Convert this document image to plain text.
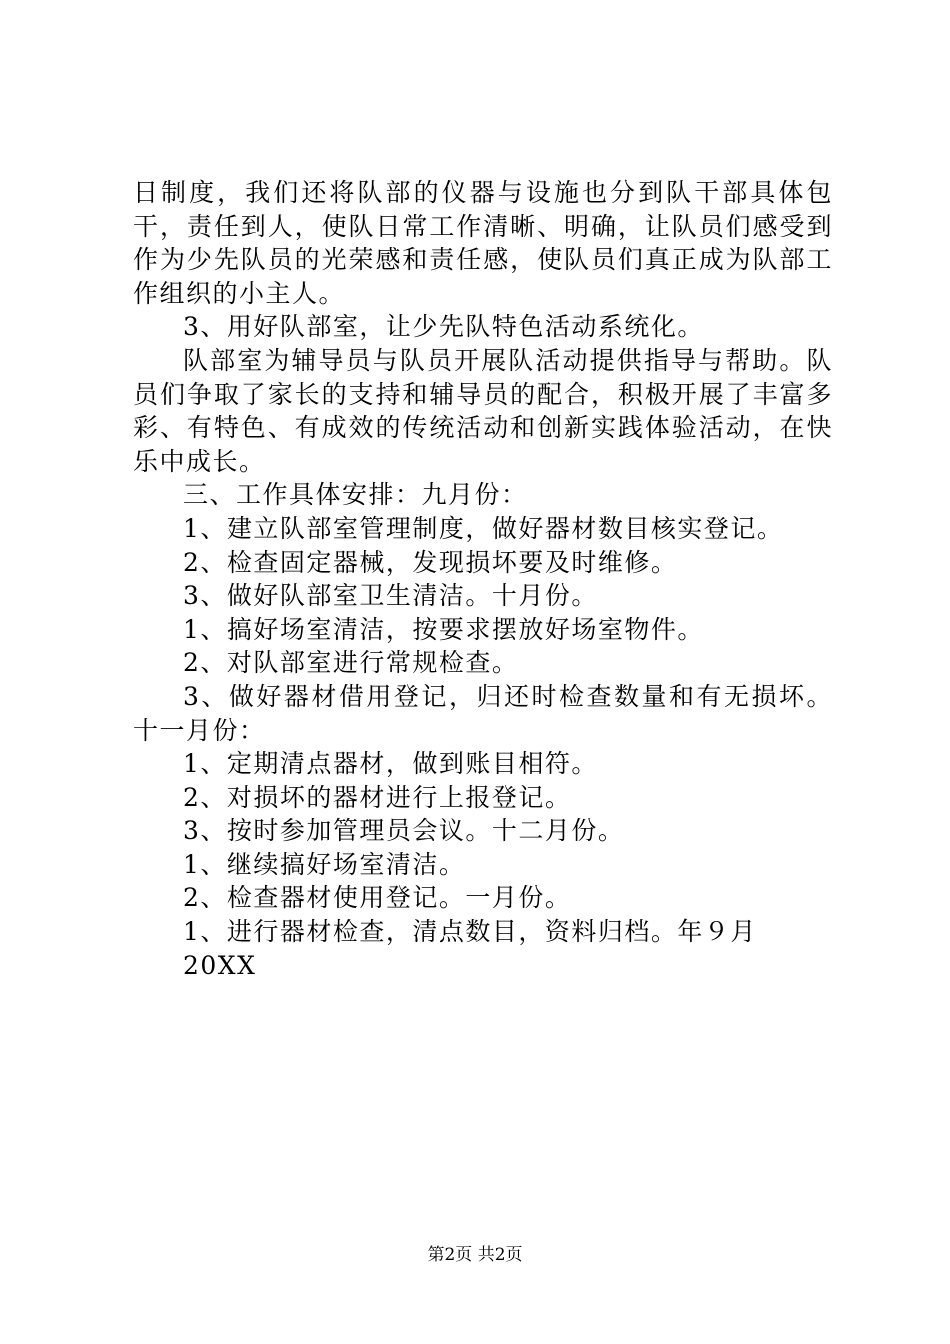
日制度，我们还将队部的仪器与设施也分到队干部具体包干，责任到人，使队日常工作清晰、明确，让队员们感受到作为少先队员的光荣感和责任感，使队员们真正成为队部工作组织的小主人。

3、用好队部室，让少先队特色活动系统化。

队部室为辅导员与队员开展队活动提供指导与帮助。队员们争取了家长的支持和辅导员的配合，积极开展了丰富多彩、有特色、有成效的传统活动和创新实践体验活动，在快乐中成长。

三、工作具体安排：九月份：

1、建立队部室管理制度，做好器材数目核实登记。

2、检查固定器械，发现损坏要及时维修。

3、做好队部室卫生清洁。十月份。

1、搞好场室清洁，按要求摆放好场室物件。

2、对队部室进行常规检查。

3、做好器材借用登记，归还时检查数量和有无损坏。十一月份：

1、定期清点器材，做到账目相符。

2、对损坏的器材进行上报登记。

3、按时参加管理员会议。十二月份。

1、继续搞好场室清洁。

2、检查器材使用登记。一月份。

1、进行器材检查，清点数目，资料归档。年９月

20XX

第2页 共2页
